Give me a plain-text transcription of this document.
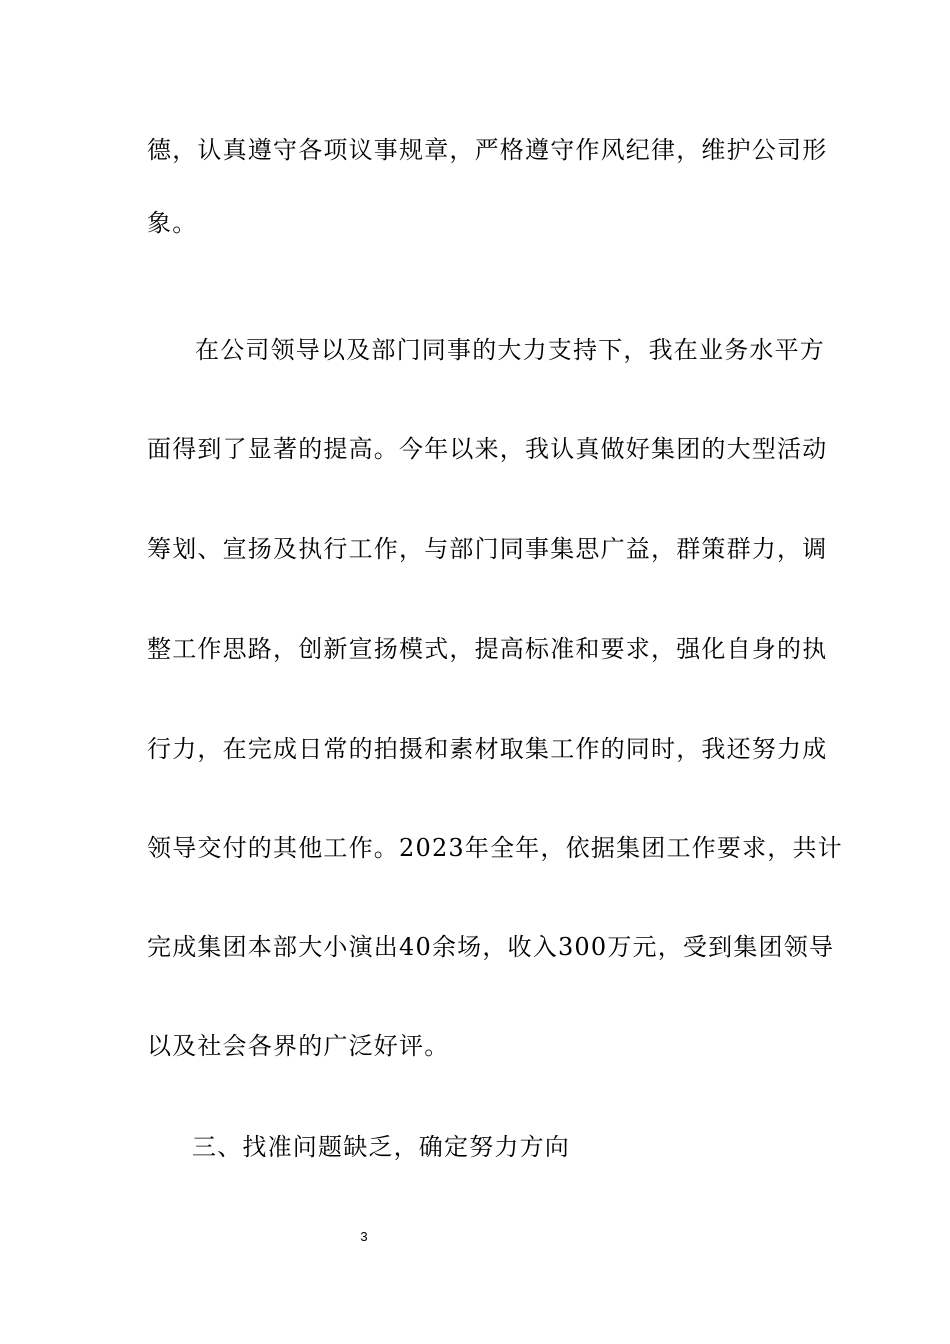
德，认真遵守各项议事规章，严格遵守作风纪律，维护公司形
象。
在公司领导以及部门同事的大力支持下，我在业务水平方
面得到了显著的提高。今年以来，我认真做好集团的大型活动
筹划、宣扬及执行工作，与部门同事集思广益，群策群力，调
整工作思路，创新宣扬模式，提高标准和要求，强化自身的执
行力，在完成日常的拍摄和素材取集工作的同时，我还努力成
领导交付的其他工作。2023年全年，依据集团工作要求，共计
完成集团本部大小演出40余场，收入300万元，受到集团领导
以及社会各界的广泛好评。
三、找准问题缺乏，确定努力方向
3
